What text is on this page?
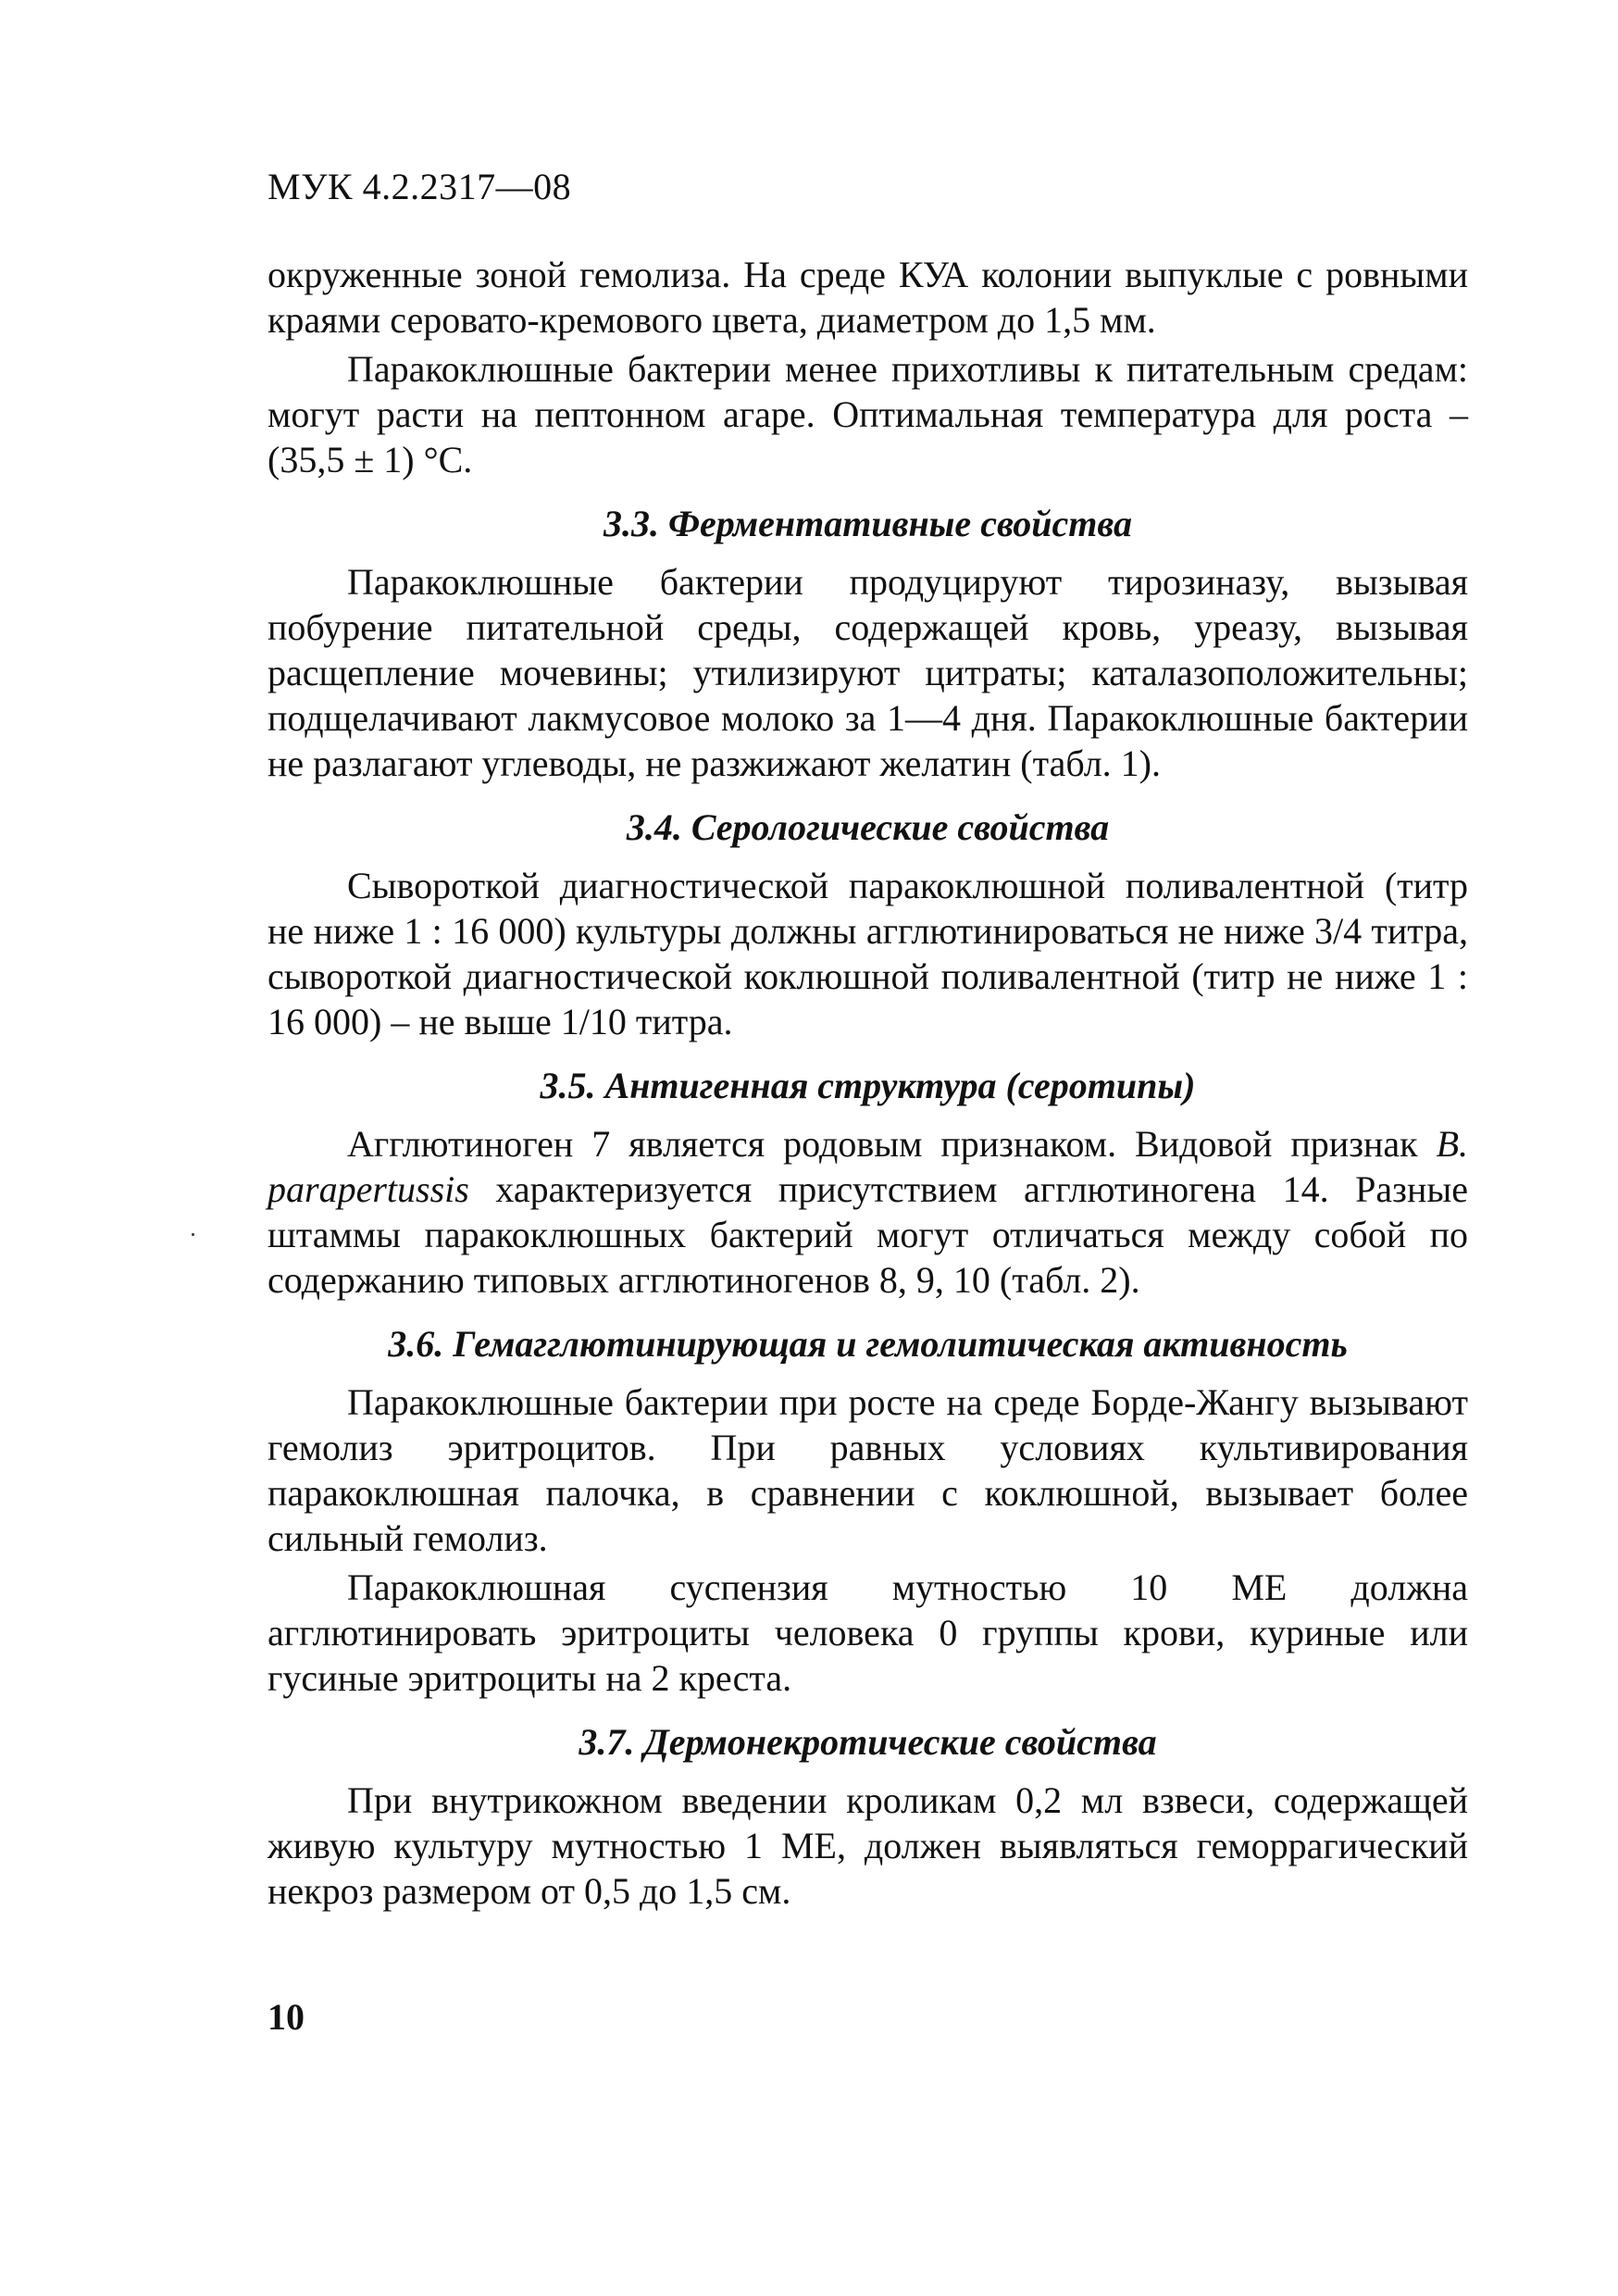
МУК 4.2.2317—08

окруженные зоной гемолиза. На среде КУА колонии выпуклые с ровными краями серовато-кремового цвета, диаметром до 1,5 мм.

Паракоклюшные бактерии менее прихотливы к питательным средам: могут расти на пептонном агаре. Оптимальная температура для роста – (35,5 ± 1) °С.

3.3. Ферментативные свойства

Паракоклюшные бактерии продуцируют тирозиназу, вызывая побурение питательной среды, содержащей кровь, уреазу, вызывая расщепление мочевины; утилизируют цитраты; каталазоположительны; подщелачивают лакмусовое молоко за 1—4 дня. Паракоклюшные бактерии не разлагают углеводы, не разжижают желатин (табл. 1).

3.4. Серологические свойства

Сывороткой диагностической паракоклюшной поливалентной (титр не ниже 1 : 16 000) культуры должны агглютинироваться не ниже 3/4 титра, сывороткой диагностической коклюшной поливалентной (титр не ниже 1 : 16 000) – не выше 1/10 титра.

3.5. Антигенная структура (серотипы)

Агглютиноген 7 является родовым признаком. Видовой признак B. parapertussis характеризуется присутствием агглютиногена 14. Разные штаммы паракоклюшных бактерий могут отличаться между собой по содержанию типовых агглютиногенов 8, 9, 10 (табл. 2).

3.6. Гемагглютинирующая и гемолитическая активность

Паракоклюшные бактерии при росте на среде Борде-Жангу вызывают гемолиз эритроцитов. При равных условиях культивирования паракоклюшная палочка, в сравнении с коклюшной, вызывает более сильный гемолиз.

Паракоклюшная суспензия мутностью 10 МЕ должна агглютинировать эритроциты человека 0 группы крови, куриные или гусиные эритроциты на 2 креста.

3.7. Дермонекротические свойства

При внутрикожном введении кроликам 0,2 мл взвеси, содержащей живую культуру мутностью 1 МЕ, должен выявляться геморрагический некроз размером от 0,5 до 1,5 см.

10
